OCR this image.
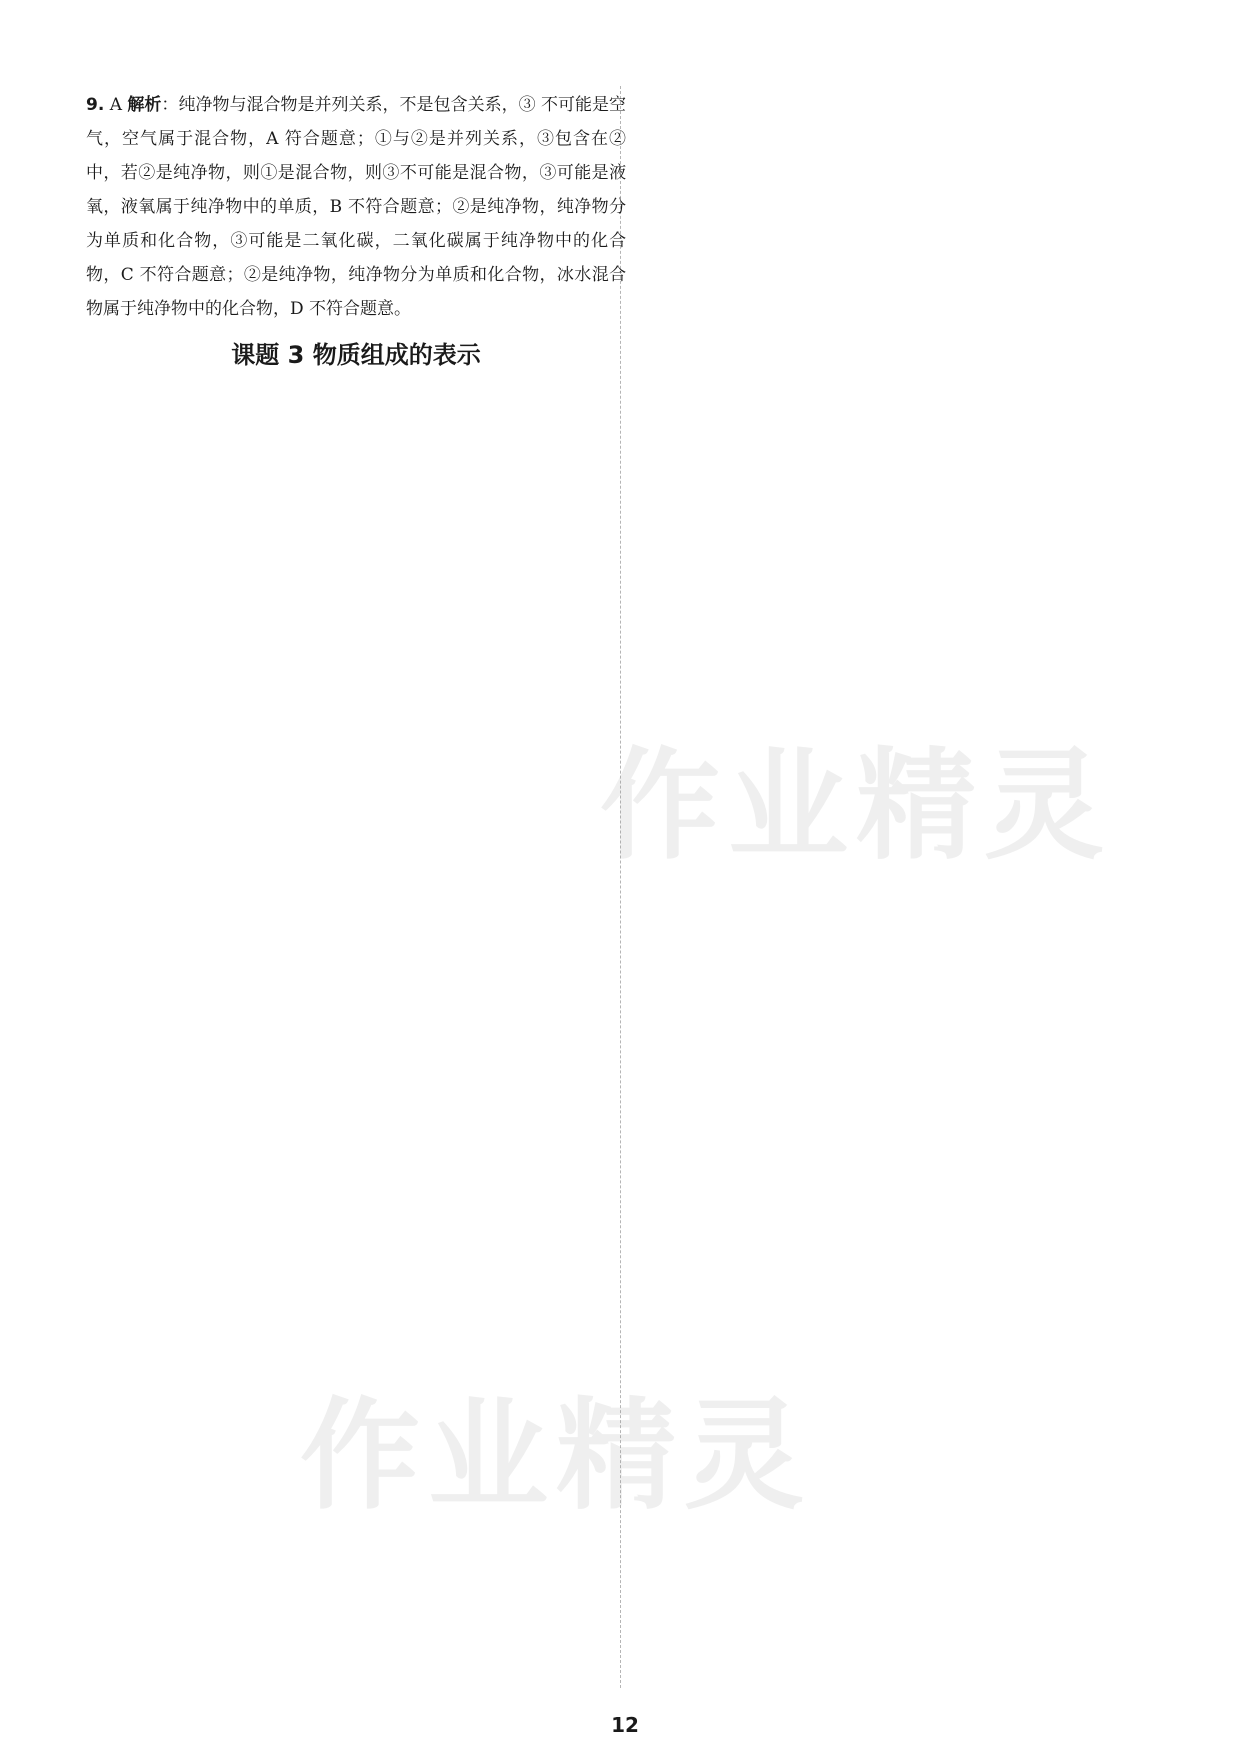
9. A 解析：纯净物与混合物是并列关系，不是包含关系，③ 不可能是空气，空气属于混合物，A 符合题意；①与②是并列关系，③包含在②中，若②是纯净物，则①是混合物，则③不可能是混合物，③可能是液氧，液氧属于纯净物中的单质，B 不符合题意；②是纯净物，纯净物分为单质和化合物，③可能是二氧化碳，二氧化碳属于纯净物中的化合物，C 不符合题意；②是纯净物，纯净物分为单质和化合物，冰水混合物属于纯净物中的化合物，D 不符合题意。

课题 3 物质组成的表示
作业精灵
作业精灵
12
